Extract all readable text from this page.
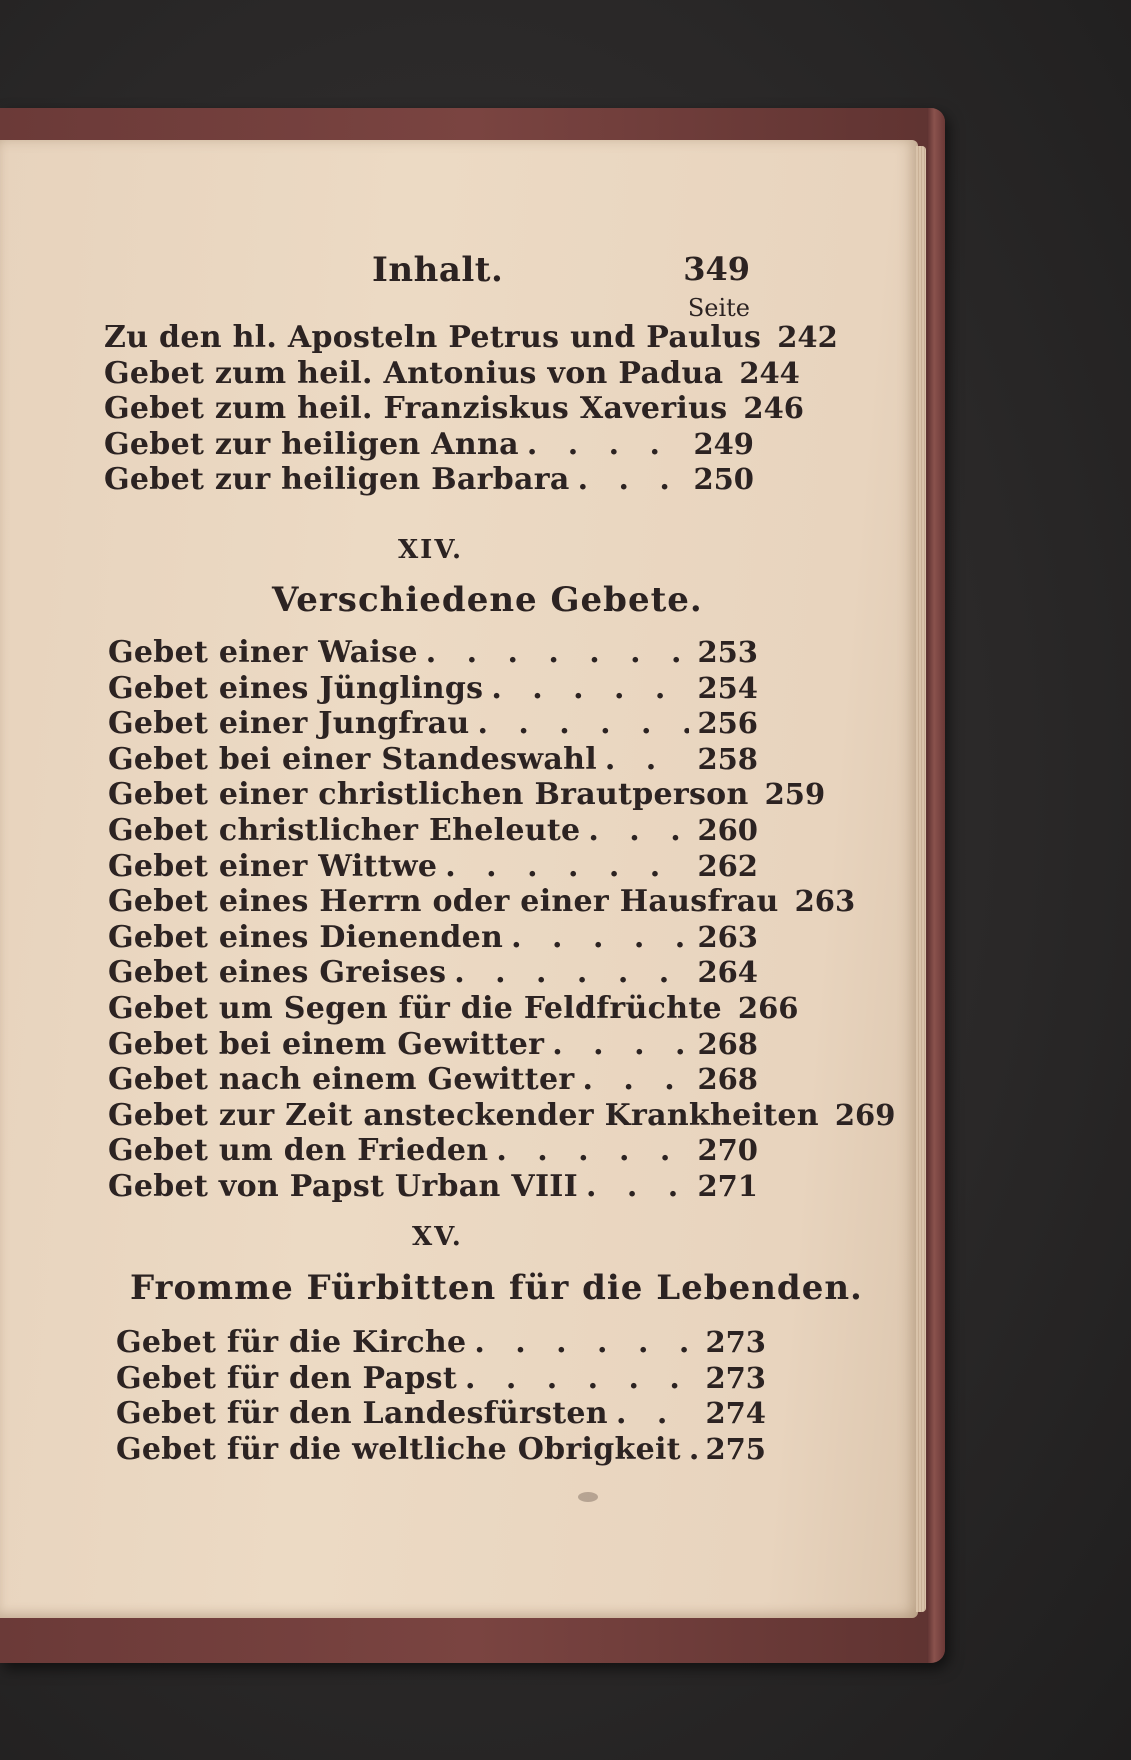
Inhalt.	349
Seite
Zu den hl. Aposteln Petrus und Paulus 242
Gebet zum heil. Antonius von Padua 244
Gebet zum heil. Franziskus Xaverius 246
Gebet zur heiligen Anna . . .	249
Gebet zur heiligen Barbara . . .	250
XIV.
Verschiedene Gebete.
Gebet einer Waise . . .	253
Gebet eines Jünglings . . .	254
Gebet einer Jungfrau . . .	256
Gebet bei einer Standeswahl . . .	258
Gebet einer christlichen Brautperson 259
Gebet christlicher Eheleute . . .	260
Gebet einer Wittwe . . .	262
Gebet eines Herrn oder einer Hausfrau 263
Gebet eines Dienenden . . .	263
Gebet eines Greises . . .	264
Gebet um Segen für die Feldfrüchte 266
Gebet bei einem Gewitter . . .	268
Gebet nach einem Gewitter . . .	268
Gebet zur Zeit ansteckender Krankheiten 269
Gebet um den Frieden . . .	270
Gebet von Papst Urban VIII . . .	271
XV.
Fromme Fürbitten für die Lebenden.
Gebet für die Kirche . . .	273
Gebet für den Papst . . .	273
Gebet für den Landesfürsten . . .	274
Gebet für die weltliche Obrigkeit . . . 275
